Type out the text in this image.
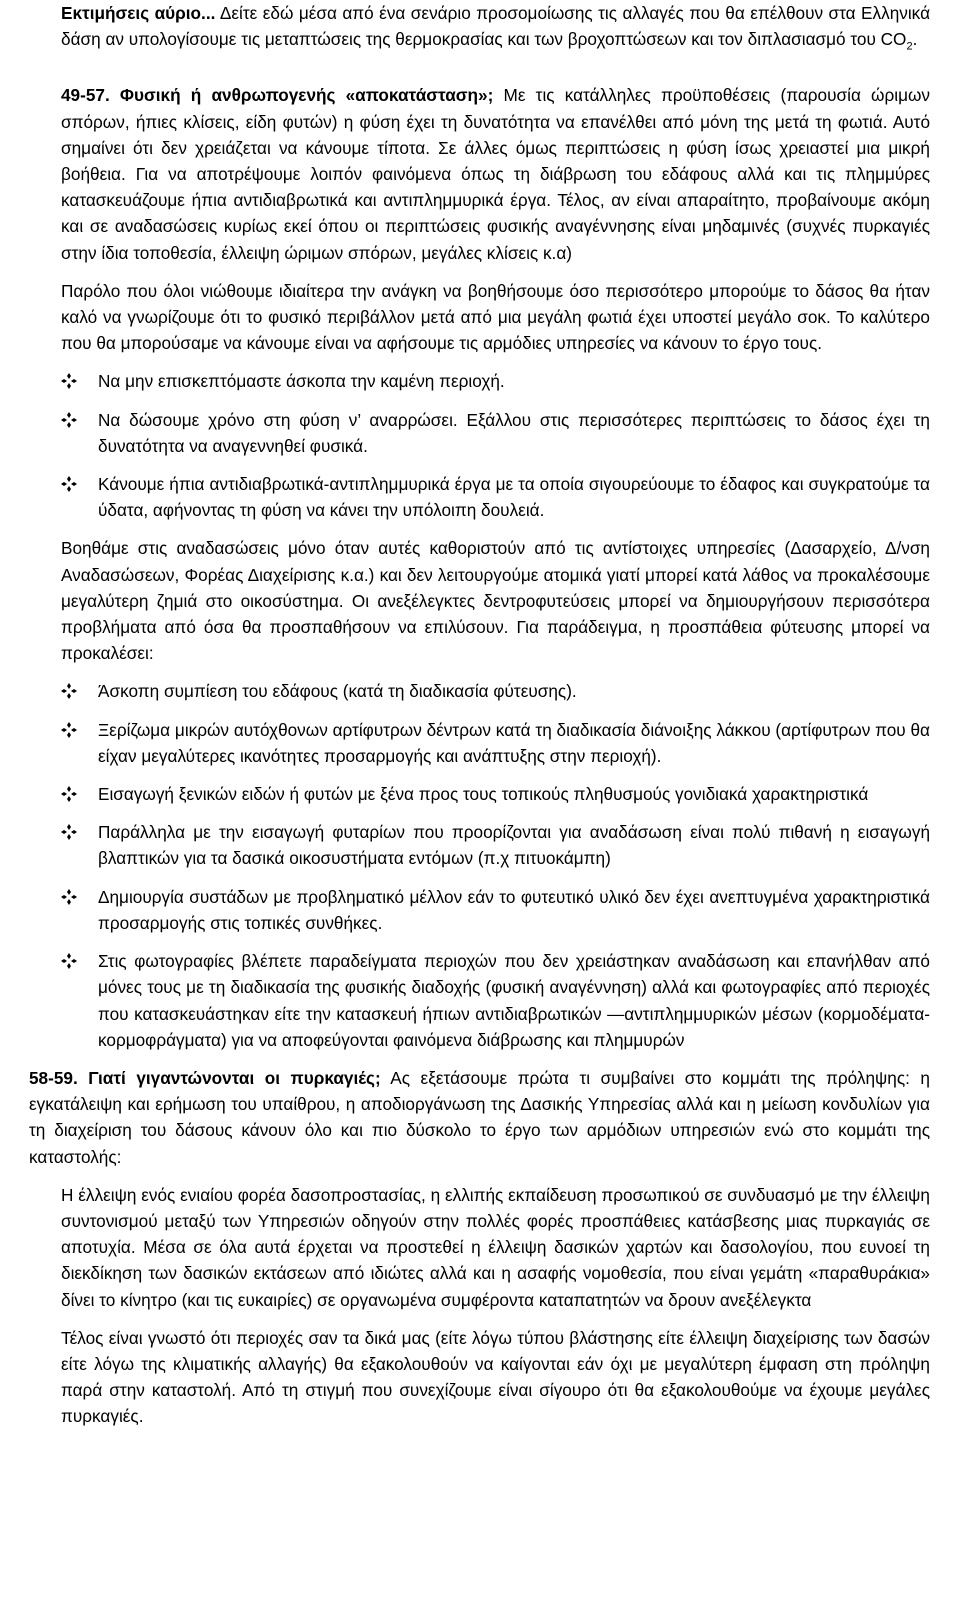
Εκτιμήσεις αύριο... Δείτε εδώ μέσα από ένα σενάριο προσομοίωσης τις αλλαγές που θα επέλθουν στα Ελληνικά δάση αν υπολογίσουμε τις μεταπτώσεις της θερμοκρασίας και των βροχοπτώσεων και τον διπλασιασμό του $CO_2$.

49-57. Φυσική ή ανθρωπογενής «αποκατάσταση»; Με τις κατάλληλες προϋποθέσεις (παρουσία ώριμων σπόρων, ήπιες κλίσεις, είδη φυτών) η φύση έχει τη δυνατότητα να επανέλθει από μόνη της μετά τη φωτιά. Αυτό σημαίνει ότι δεν χρειάζεται να κάνουμε τίποτα. Σε άλλες όμως περιπτώσεις η φύση ίσως χρειαστεί μια μικρή βοήθεια. Για να αποτρέψουμε λοιπόν φαινόμενα όπως τη διάβρωση του εδάφους αλλά και τις πλημμύρες κατασκευάζουμε ήπια αντιδιαβρωτικά και αντιπλημμυρικά έργα. Τέλος, αν είναι απαραίτητο, προβαίνουμε ακόμη και σε αναδασώσεις κυρίως εκεί όπου οι περιπτώσεις φυσικής αναγέννησης είναι μηδαμινές (συχνές πυρκαγιές στην ίδια τοποθεσία, έλλειψη ώριμων σπόρων, μεγάλες κλίσεις κ.α)

Παρόλο που όλοι νιώθουμε ιδιαίτερα την ανάγκη να βοηθήσουμε όσο περισσότερο μπορούμε το δάσος θα ήταν καλό να γνωρίζουμε ότι το φυσικό περιβάλλον μετά από μια μεγάλη φωτιά έχει υποστεί μεγάλο σοκ. Το καλύτερο που θα μπορούσαμε να κάνουμε είναι να αφήσουμε τις αρμόδιες υπηρεσίες να κάνουν το έργο τους.

Να μην επισκεπτόμαστε άσκοπα την καμένη περιοχή.
Να δώσουμε χρόνο στη φύση ν’ αναρρώσει. Εξάλλου στις περισσότερες περιπτώσεις το δάσος έχει τη δυνατότητα να αναγεννηθεί φυσικά.
Κάνουμε ήπια αντιδιαβρωτικά-αντιπλημμυρικά έργα με τα οποία σιγουρεύουμε το έδαφος και συγκρατούμε τα ύδατα, αφήνοντας τη φύση να κάνει την υπόλοιπη δουλειά.

Βοηθάμε στις αναδασώσεις μόνο όταν αυτές καθοριστούν από τις αντίστοιχες υπηρεσίες (Δασαρχείο, Δ/νση Αναδασώσεων, Φορέας Διαχείρισης κ.α.) και δεν λειτουργούμε ατομικά γιατί μπορεί κατά λάθος να προκαλέσουμε μεγαλύτερη ζημιά στο οικοσύστημα. Οι ανεξέλεγκτες δεντροφυτεύσεις μπορεί να δημιουργήσουν περισσότερα προβλήματα από όσα θα προσπαθήσουν να επιλύσουν. Για παράδειγμα, η προσπάθεια φύτευσης μπορεί να προκαλέσει:

Άσκοπη συμπίεση του εδάφους (κατά τη διαδικασία φύτευσης).
Ξερίζωμα μικρών αυτόχθονων αρτίφυτρων δέντρων κατά τη διαδικασία διάνοιξης λάκκου (αρτίφυτρων που θα είχαν μεγαλύτερες ικανότητες προσαρμογής και ανάπτυξης στην περιοχή).
Εισαγωγή ξενικών ειδών ή φυτών με ξένα προς τους τοπικούς πληθυσμούς γονιδιακά χαρακτηριστικά
Παράλληλα με την εισαγωγή φυταρίων που προορίζονται για αναδάσωση είναι πολύ πιθανή η εισαγωγή βλαπτικών για τα δασικά οικοσυστήματα εντόμων (π.χ πιτυοκάμπη)
Δημιουργία συστάδων με προβληματικό μέλλον εάν το φυτευτικό υλικό δεν έχει ανεπτυγμένα χαρακτηριστικά προσαρμογής στις τοπικές συνθήκες.
Στις φωτογραφίες βλέπετε παραδείγματα περιοχών που δεν χρειάστηκαν αναδάσωση και επανήλθαν από μόνες τους με τη διαδικασία της φυσικής διαδοχής (φυσική αναγέννηση) αλλά και φωτογραφίες από περιοχές που κατασκευάστηκαν είτε την κατασκευή ήπιων αντιδιαβρωτικών —αντιπλημμυρικών μέσων (κορμοδέματα-κορμοφράγματα) για να αποφεύγονται φαινόμενα διάβρωσης και πλημμυρών

58-59. Γιατί γιγαντώνονται οι πυρκαγιές; Ας εξετάσουμε πρώτα τι συμβαίνει στο κομμάτι της πρόληψης: η εγκατάλειψη και ερήμωση του υπαίθρου, η αποδιοργάνωση της Δασικής Υπηρεσίας αλλά και η μείωση κονδυλίων για τη διαχείριση του δάσους κάνουν όλο και πιο δύσκολο το έργο των αρμόδιων υπηρεσιών ενώ στο κομμάτι της καταστολής:

Η έλλειψη ενός ενιαίου φορέα δασοπροστασίας, η ελλιπής εκπαίδευση προσωπικού σε συνδυασμό με την έλλειψη συντονισμού μεταξύ των Υπηρεσιών οδηγούν στην πολλές φορές προσπάθειες κατάσβεσης μιας πυρκαγιάς σε αποτυχία. Μέσα σε όλα αυτά έρχεται να προστεθεί η έλλειψη δασικών χαρτών και δασολογίου, που ευνοεί τη διεκδίκηση των δασικών εκτάσεων από ιδιώτες αλλά και η ασαφής νομοθεσία, που είναι γεμάτη «παραθυράκια» δίνει το κίνητρο (και τις ευκαιρίες) σε οργανωμένα συμφέροντα καταπατητών να δρουν ανεξέλεγκτα

Τέλος είναι γνωστό ότι περιοχές σαν τα δικά μας (είτε λόγω τύπου βλάστησης είτε έλλειψη διαχείρισης των δασών είτε λόγω της κλιματικής αλλαγής) θα εξακολουθούν να καίγονται εάν όχι με μεγαλύτερη έμφαση στη πρόληψη παρά στην καταστολή. Από τη στιγμή που συνεχίζουμε είναι σίγουρο ότι θα εξακολουθούμε να έχουμε μεγάλες πυρκαγιές.
